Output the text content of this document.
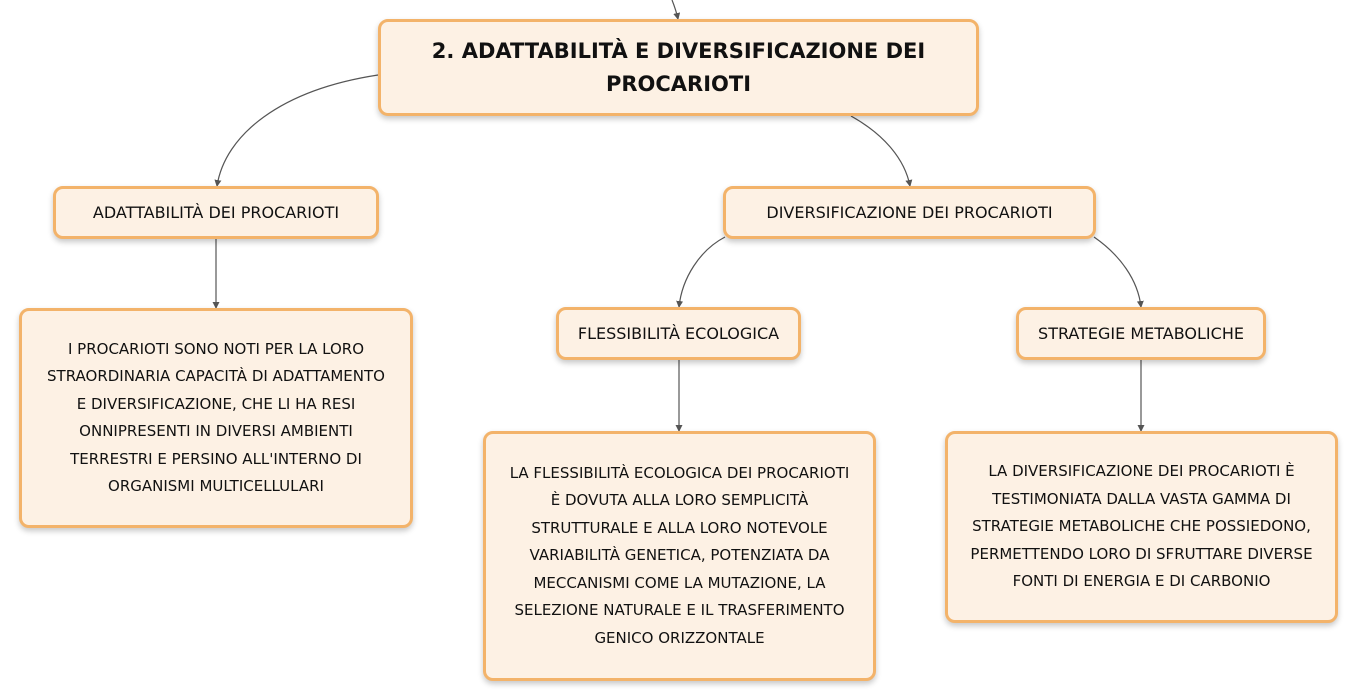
2. ADATTABILITÀ E DIVERSIFICAZIONE DEI
PROCARIOTI
ADATTABILITÀ DEI PROCARIOTI	DIVERSIFICAZIONE DEI PROCARIOTI
FLESSIBILITÀ ECOLOGICA	STRATEGIE METABOLICHE
I PROCARIOTI SONO NOTI PER LA LORO
STRAORDINARIA CAPACITÀ DI ADATTAMENTO
E DIVERSIFICAZIONE, CHE LI HA RESI
ONNIPRESENTI IN DIVERSI AMBIENTI
TERRESTRI E PERSINO ALL'INTERNO DI
ORGANISMI MULTICELLULARI
LA FLESSIBILITÀ ECOLOGICA DEI PROCARIOTI
È DOVUTA ALLA LORO SEMPLICITÀ
STRUTTURALE E ALLA LORO NOTEVOLE
VARIABILITÀ GENETICA, POTENZIATA DA
MECCANISMI COME LA MUTAZIONE, LA
SELEZIONE NATURALE E IL TRASFERIMENTO
GENICO ORIZZONTALE
LA DIVERSIFICAZIONE DEI PROCARIOTI È
TESTIMONIATA DALLA VASTA GAMMA DI
STRATEGIE METABOLICHE CHE POSSIEDONO,
PERMETTENDO LORO DI SFRUTTARE DIVERSE
FONTI DI ENERGIA E DI CARBONIO
